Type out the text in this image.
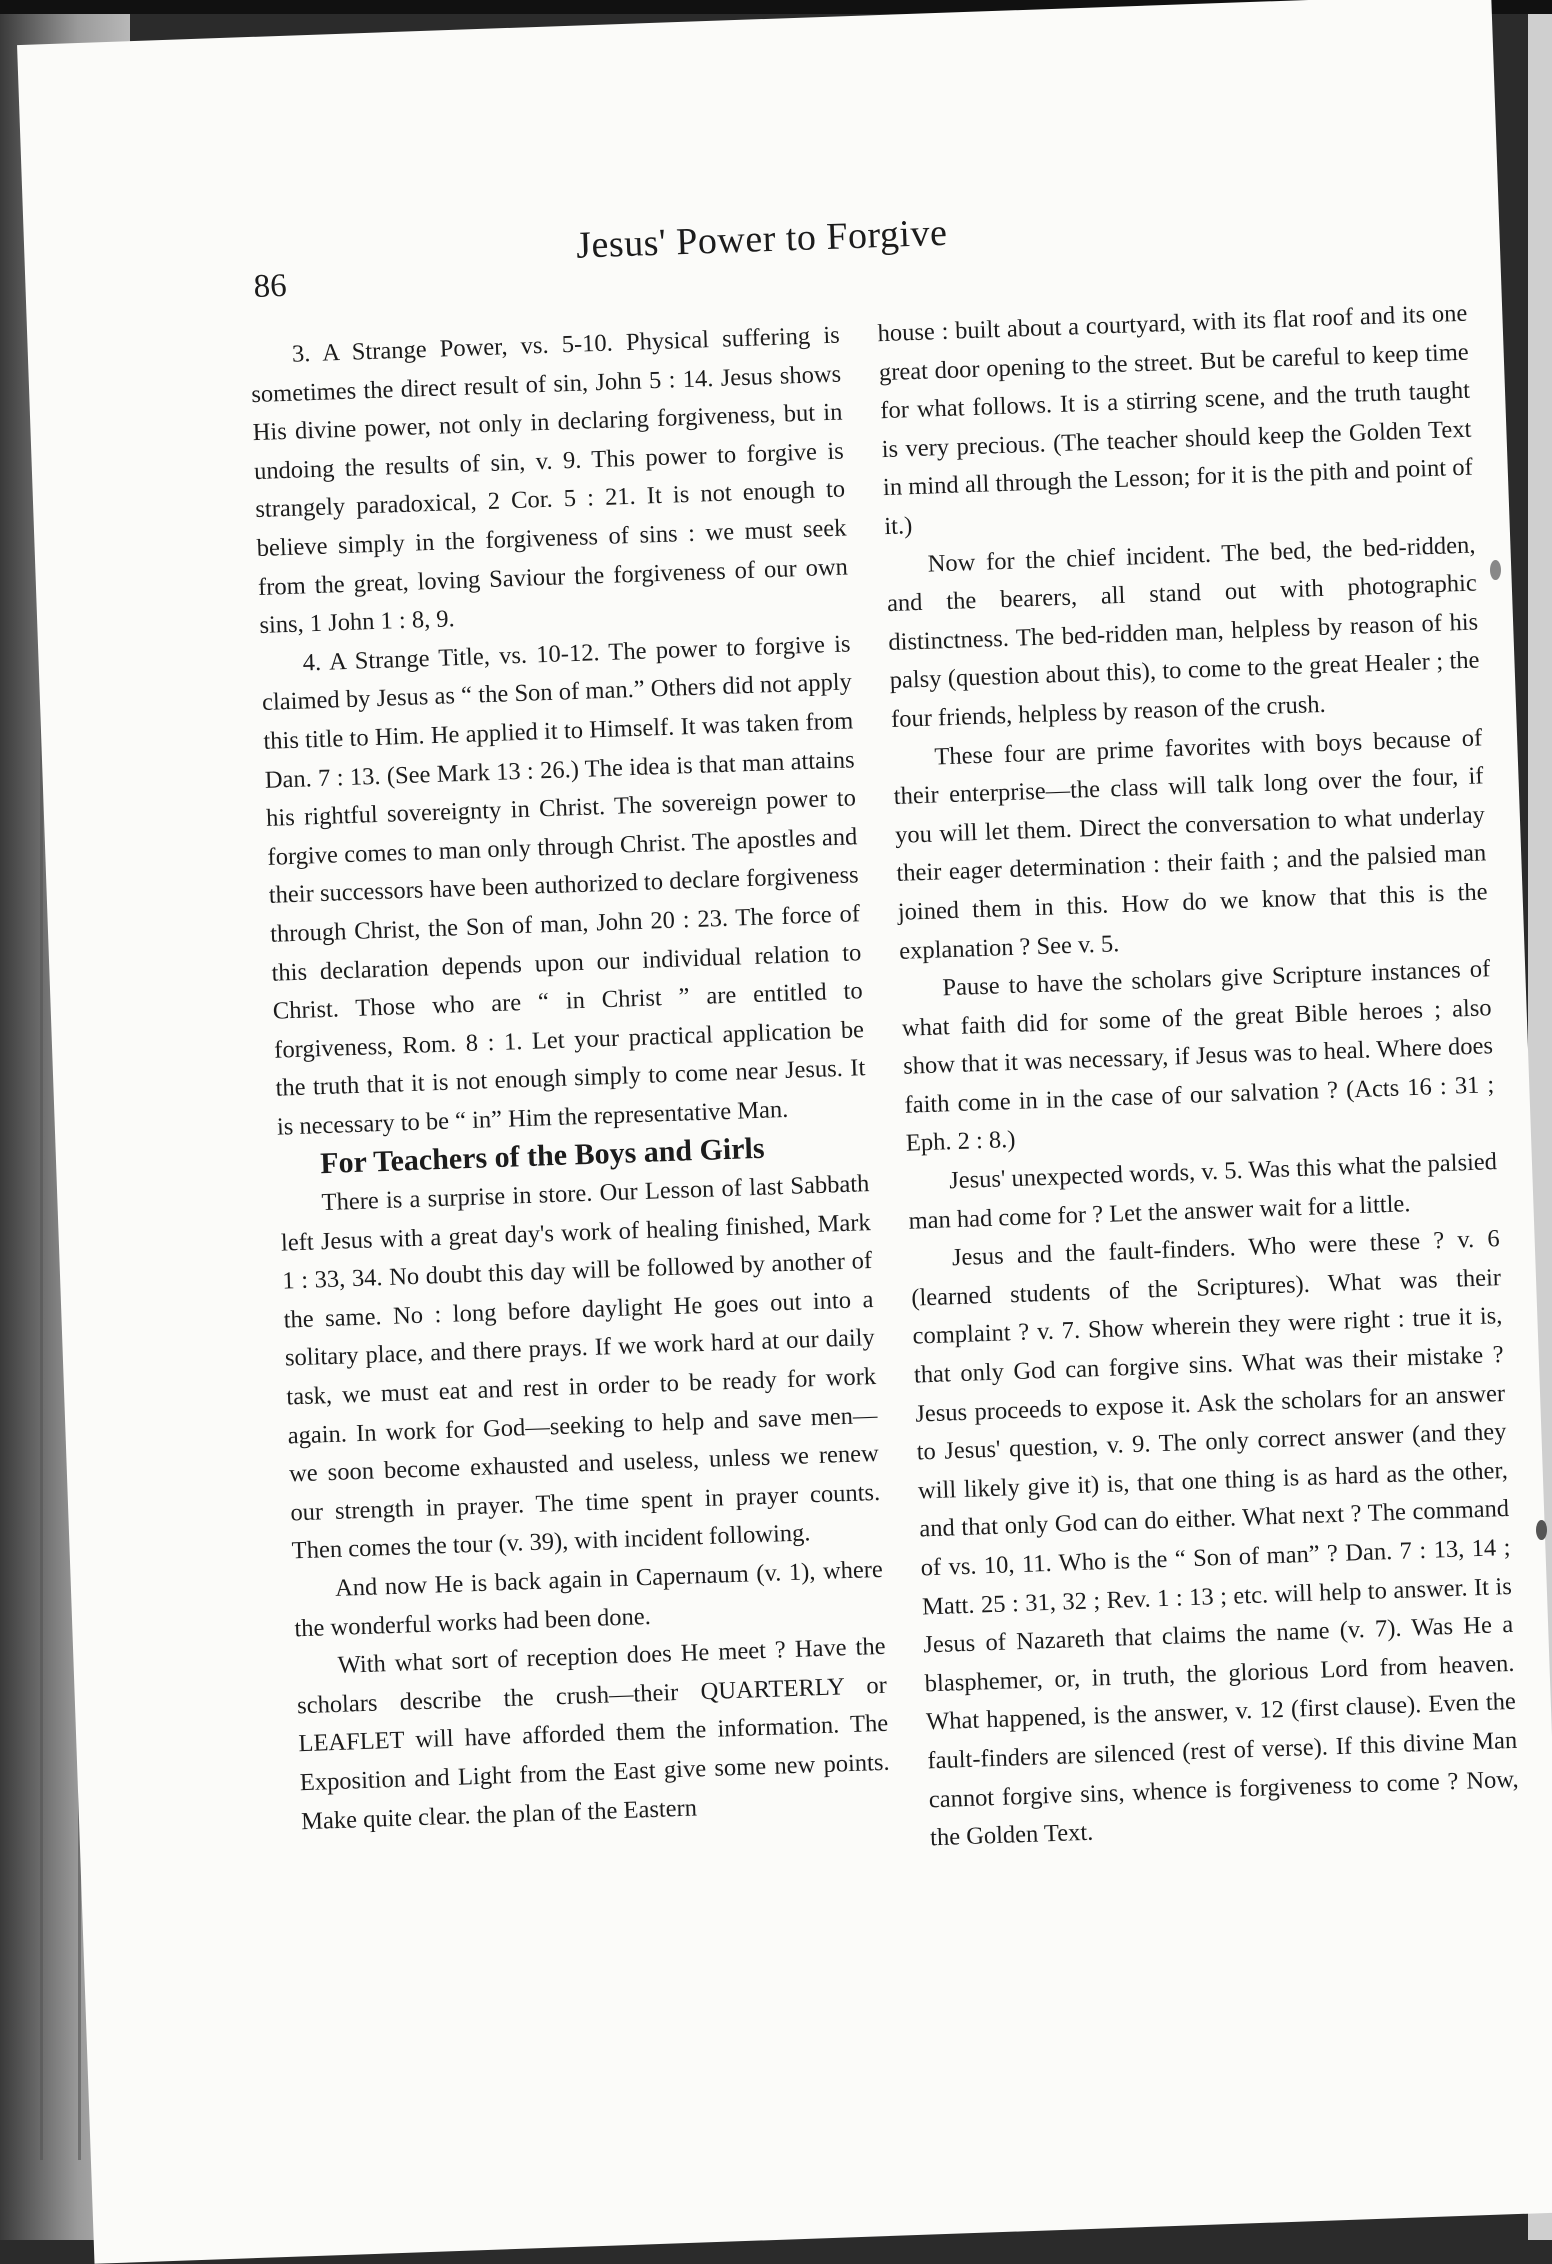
Jesus' Power to Forgive
86

3. A Strange Power, vs. 5-10. Physical suffering is sometimes the direct result of sin, John 5 : 14. Jesus shows His divine power, not only in declaring forgiveness, but in undoing the results of sin, v. 9. This power to forgive is strangely paradoxical, 2 Cor. 5 : 21. It is not enough to believe simply in the forgiveness of sins : we must seek from the great, loving Saviour the forgiveness of our own sins, 1 John 1 : 8, 9.

4. A Strange Title, vs. 10-12. The power to forgive is claimed by Jesus as “ the Son of man.” Others did not apply this title to Him. He applied it to Himself. It was taken from Dan. 7 : 13. (See Mark 13 : 26.) The idea is that man attains his rightful sovereignty in Christ. The sovereign power to forgive comes to man only through Christ. The apostles and their successors have been authorized to declare forgiveness through Christ, the Son of man, John 20 : 23. The force of this declaration depends upon our individual relation to Christ. Those who are “ in Christ ” are entitled to forgiveness, Rom. 8 : 1. Let your practical application be the truth that it is not enough simply to come near Jesus. It is necessary to be “ in” Him the representative Man.

For Teachers of the Boys and Girls

There is a surprise in store. Our Lesson of last Sabbath left Jesus with a great day's work of healing finished, Mark 1 : 33, 34. No doubt this day will be followed by another of the same. No : long before daylight He goes out into a solitary place, and there prays. If we work hard at our daily task, we must eat and rest in order to be ready for work again. In work for God—seeking to help and save men—we soon become exhausted and useless, unless we renew our strength in prayer. The time spent in prayer counts. Then comes the tour (v. 39), with incident following.

And now He is back again in Capernaum (v. 1), where the wonderful works had been done.

With what sort of reception does He meet ? Have the scholars describe the crush—their QUARTERLY or LEAFLET will have afforded them the information. The Exposition and Light from the East give some new points. Make quite clear. the plan of the Eastern

house : built about a courtyard, with its flat roof and its one great door opening to the street. But be careful to keep time for what follows. It is a stirring scene, and the truth taught is very precious. (The teacher should keep the Golden Text in mind all through the Lesson; for it is the pith and point of it.)

Now for the chief incident. The bed, the bed-ridden, and the bearers, all stand out with photographic distinctness. The bed-ridden man, helpless by reason of his palsy (question about this), to come to the great Healer ; the four friends, helpless by reason of the crush.

These four are prime favorites with boys because of their enterprise—the class will talk long over the four, if you will let them. Direct the conversation to what underlay their eager determination : their faith ; and the palsied man joined them in this. How do we know that this is the explanation ? See v. 5.

Pause to have the scholars give Scripture instances of what faith did for some of the great Bible heroes ; also show that it was necessary, if Jesus was to heal. Where does faith come in in the case of our salvation ? (Acts 16 : 31 ; Eph. 2 : 8.)

Jesus' unexpected words, v. 5. Was this what the palsied man had come for ? Let the answer wait for a little.

Jesus and the fault-finders. Who were these ? v. 6 (learned students of the Scriptures). What was their complaint ? v. 7. Show wherein they were right : true it is, that only God can forgive sins. What was their mistake ? Jesus proceeds to expose it. Ask the scholars for an answer to Jesus' question, v. 9. The only correct answer (and they will likely give it) is, that one thing is as hard as the other, and that only God can do either. What next ? The command of vs. 10, 11. Who is the “ Son of man” ? Dan. 7 : 13, 14 ; Matt. 25 : 31, 32 ; Rev. 1 : 13 ; etc. will help to answer. It is Jesus of Nazareth that claims the name (v. 7). Was He a blasphemer, or, in truth, the glorious Lord from heaven. What happened, is the answer, v. 12 (first clause). Even the fault-finders are silenced (rest of verse). If this divine Man cannot forgive sins, whence is forgiveness to come ? Now, the Golden Text.
